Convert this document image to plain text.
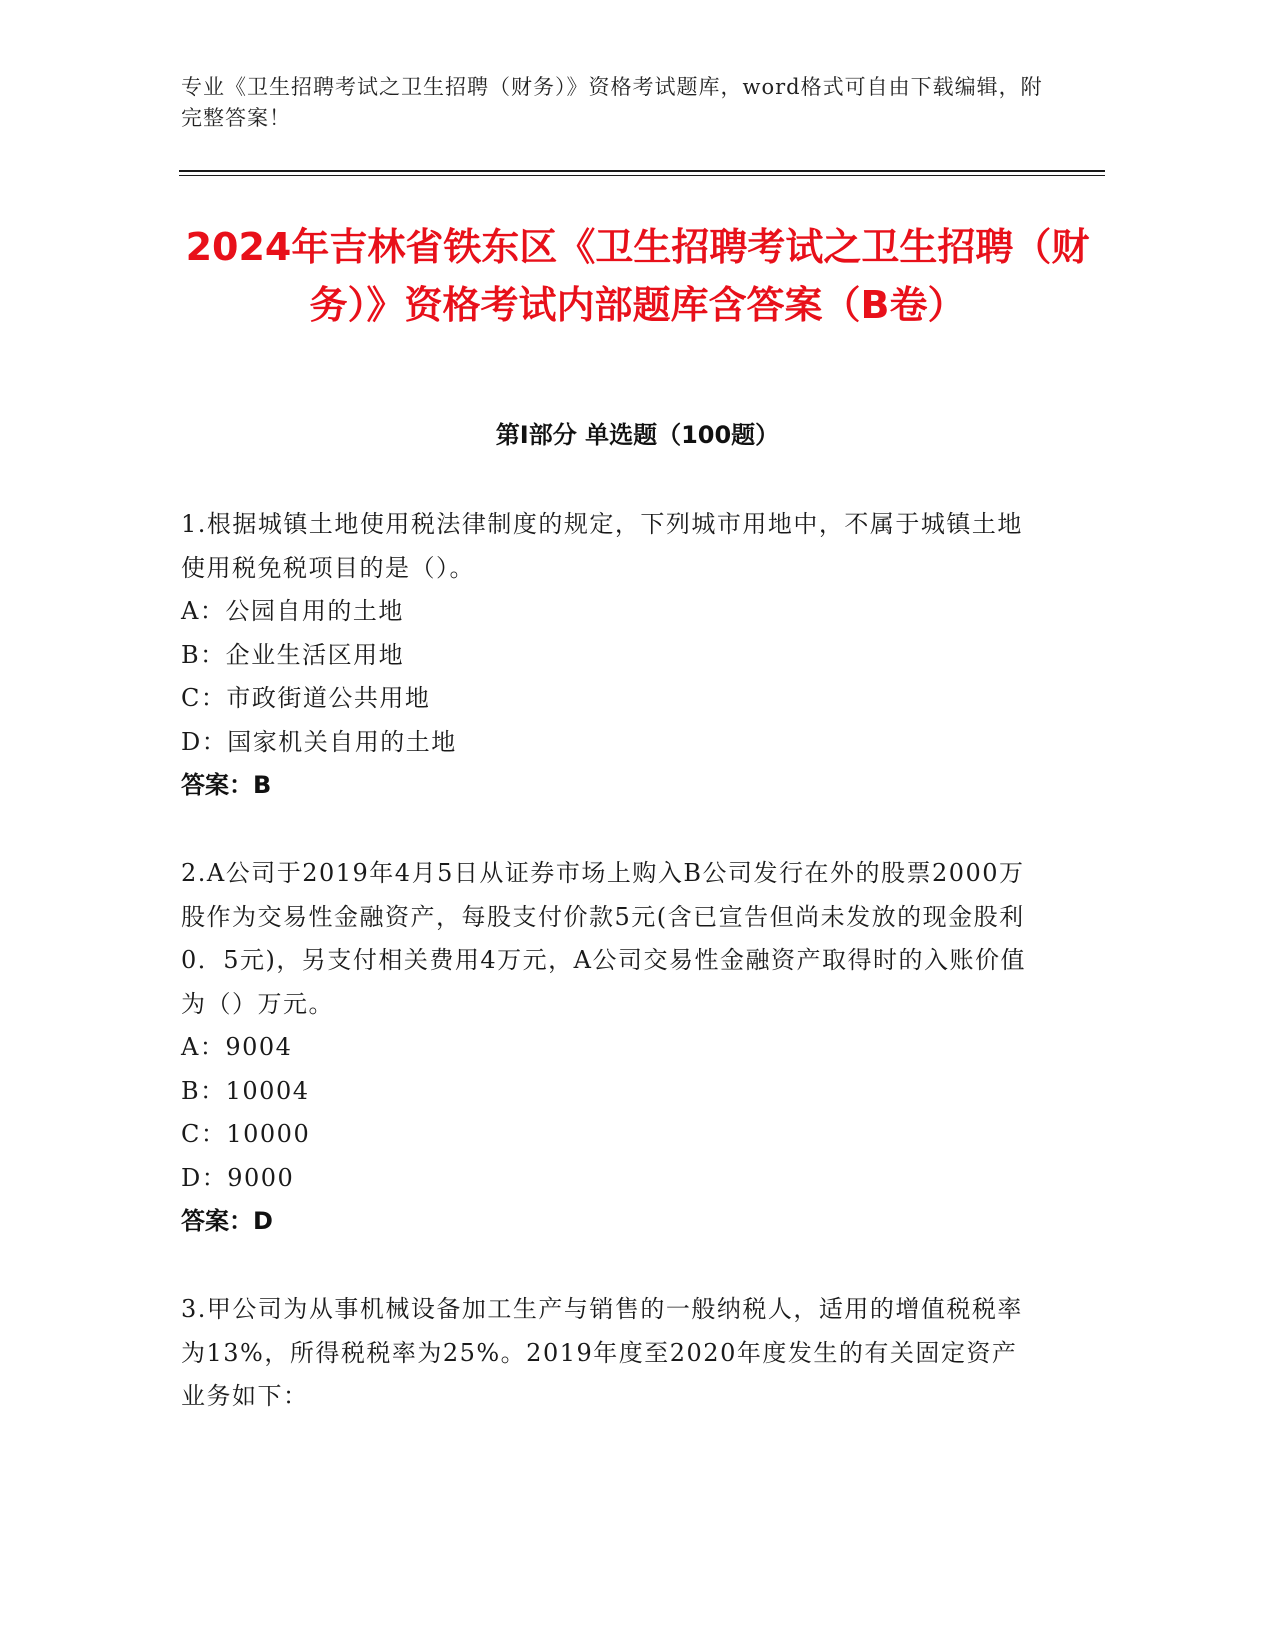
专业《卫生招聘考试之卫生招聘（财务）》资格考试题库，word格式可自由下载编辑，附完整答案！
2024年吉林省铁东区《卫生招聘考试之卫生招聘（财务）》资格考试内部题库含答案（B卷）
第I部分 单选题（100题）
1.根据城镇土地使用税法律制度的规定，下列城市用地中，不属于城镇土地使用税免税项目的是（）。
A：公园自用的土地
B：企业生活区用地
C：市政街道公共用地
D：国家机关自用的土地
答案：B
2.A公司于2019年4月5日从证券市场上购入B公司发行在外的股票2000万股作为交易性金融资产，每股支付价款5元(含已宣告但尚未发放的现金股利0．5元)，另支付相关费用4万元，A公司交易性金融资产取得时的入账价值为（）万元。
A：9004
B：10004
C：10000
D：9000
答案：D
3.甲公司为从事机械设备加工生产与销售的一般纳税人，适用的增值税税率为13%，所得税税率为25%。2019年度至2020年度发生的有关固定资产业务如下：
